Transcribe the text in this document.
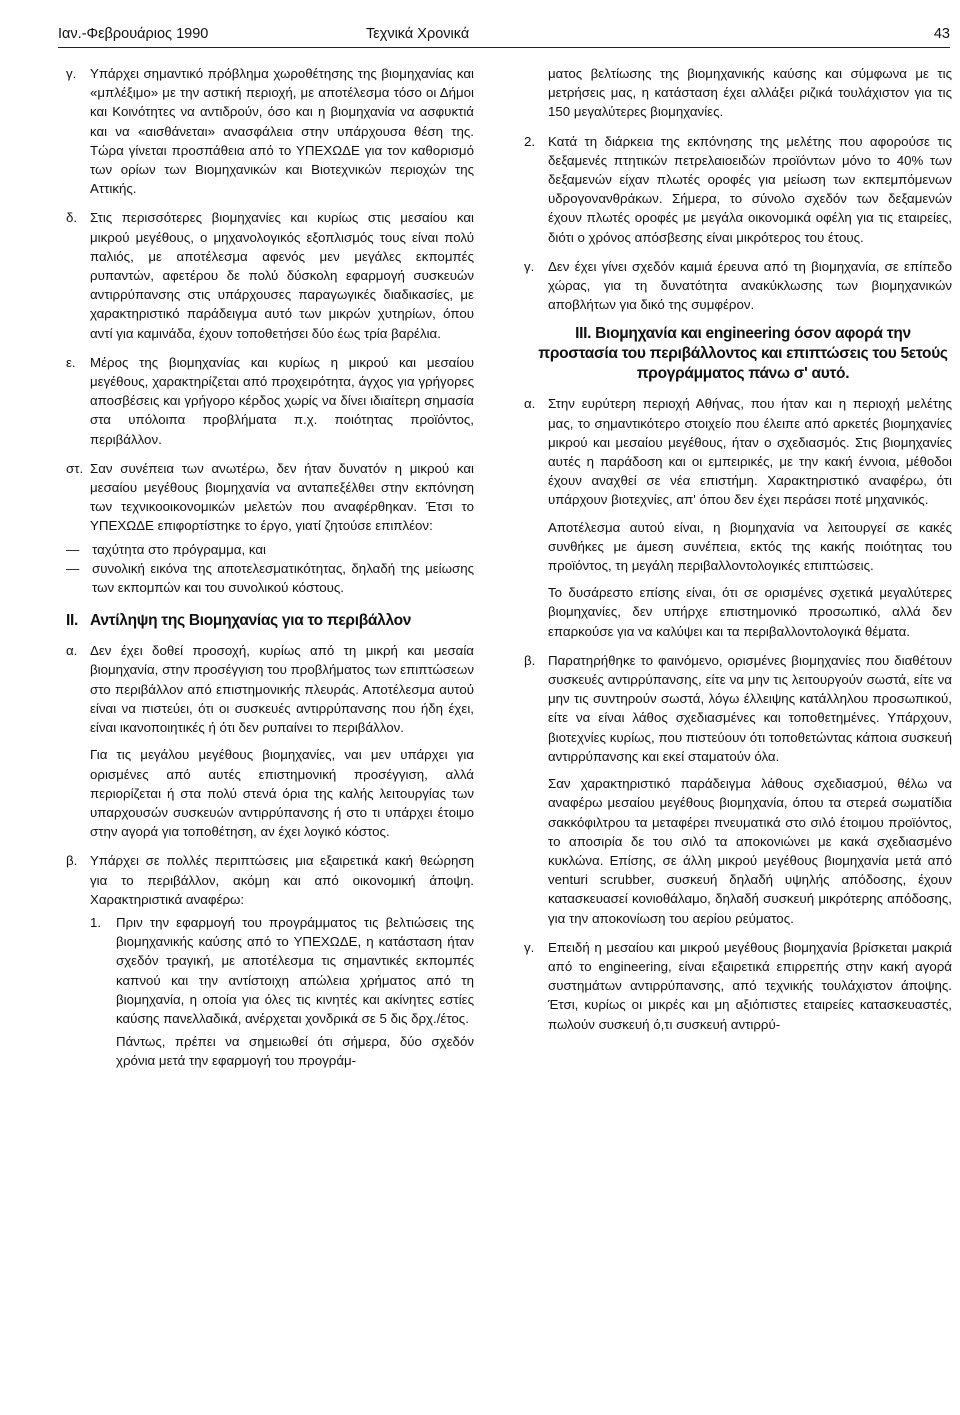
Ιαν.-Φεβρουάριος 1990	Τεχνικά Χρονικά	43
γ. Υπάρχει σημαντικό πρόβλημα χωροθέτησης της βιομηχανίας και «μπλέξιμο» με την αστική περιοχή, με αποτέλεσμα τόσο οι Δήμοι και Κοινότητες να αντιδρούν, όσο και η βιομηχανία να ασφυκτιά και να «αισθάνεται» ανασφάλεια στην υπάρχουσα θέση της. Τώρα γίνεται προσπάθεια από το ΥΠΕΧΩΔΕ για τον καθορισμό των ορίων των Βιομηχανικών και Βιοτεχνικών περιοχών της Αττικής.

δ. Στις περισσότερες βιομηχανίες και κυρίως στις μεσαίου και μικρού μεγέθους, ο μηχανολογικός εξοπλισμός τους είναι πολύ παλιός, με αποτέλεσμα αφενός μεν μεγάλες εκπομπές ρυπαντών, αφετέρου δε πολύ δύσκολη εφαρμογή συσκευών αντιρρύπανσης στις υπάρχουσες παραγωγικές διαδικασίες, με χαρακτηριστικό παράδειγμα αυτό των μικρών χυτηρίων, όπου αντί για καμινάδα, έχουν τοποθετήσει δύο έως τρία βαρέλια.

ε. Μέρος της βιομηχανίας και κυρίως η μικρού και μεσαίου μεγέθους, χαρακτηρίζεται από προχειρότητα, άγχος για γρήγορες αποσβέσεις και γρήγορο κέρδος χωρίς να δίνει ιδιαίτερη σημασία στα υπόλοιπα προβλήματα π.χ. ποιότητας προϊόντος, περιβάλλον.

στ. Σαν συνέπεια των ανωτέρω, δεν ήταν δυνατόν η μικρού και μεσαίου μεγέθους βιομηχανία να ανταπεξέλθει στην εκπόνηση των τεχνικοοικονομικών μελετών που αναφέρθηκαν. Έτσι το ΥΠΕΧΩΔΕ επιφορτίστηκε το έργο, γιατί ζητούσε επιπλέον:

— ταχύτητα στο πρόγραμμα, και

— συνολική εικόνα της αποτελεσματικότητας, δηλαδή της μείωσης των εκπομπών και του συνολικού κόστους.

II. Αντίληψη της Βιομηχανίας για το περιβάλλον
α. Δεν έχει δοθεί προσοχή, κυρίως από τη μικρή και μεσαία βιομηχανία, στην προσέγγιση του προβλήματος των επιπτώσεων στο περιβάλλον από επιστημονικής πλευράς. Αποτέλεσμα αυτού είναι να πιστεύει, ότι οι συσκευές αντιρρύπανσης που ήδη έχει, είναι ικανοποιητικές ή ότι δεν ρυπαίνει το περιβάλλον.

Για τις μεγάλου μεγέθους βιομηχανίες, ναι μεν υπάρχει για ορισμένες από αυτές επιστημονική προσέγγιση, αλλά περιορίζεται ή στα πολύ στενά όρια της καλής λειτουργίας των υπαρχουσών συσκευών αντιρρύπανσης ή στο τι υπάρχει έτοιμο στην αγορά για τοποθέτηση, αν έχει λογικό κόστος.

β. Υπάρχει σε πολλές περιπτώσεις μια εξαιρετικά κακή θεώρηση για το περιβάλλον, ακόμη και από οικονομική άποψη. Χαρακτηριστικά αναφέρω:

1. Πριν την εφαρμογή του προγράμματος τις βελτιώσεις της βιομηχανικής καύσης από το ΥΠΕΧΩΔΕ, η κατάσταση ήταν σχεδόν τραγική, με αποτέλεσμα τις σημαντικές εκπομπές καπνού και την αντίστοιχη απώλεια χρήματος από τη βιομηχανία, η οποία για όλες τις κινητές και ακίνητες εστίες καύσης πανελλαδικά, ανέρχεται χονδρικά σε 5 δις δρχ./έτος.

Πάντως, πρέπει να σημειωθεί ότι σήμερα, δύο σχεδόν χρόνια μετά την εφαρμογή του προγράμ-

ματος βελτίωσης της βιομηχανικής καύσης και σύμφωνα με τις μετρήσεις μας, η κατάσταση έχει αλλάξει ριζικά τουλάχιστον για τις 150 μεγαλύτερες βιομηχανίες.

2. Κατά τη διάρκεια της εκπόνησης της μελέτης που αφορούσε τις δεξαμενές πτητικών πετρελαιοειδών προϊόντων μόνο το 40% των δεξαμενών είχαν πλωτές οροφές για μείωση των εκπεμπόμενων υδρογονανθράκων. Σήμερα, το σύνολο σχεδόν των δεξαμενών έχουν πλωτές οροφές με μεγάλα οικονομικά οφέλη για τις εταιρείες, διότι ο χρόνος απόσβεσης είναι μικρότερος του έτους.

γ. Δεν έχει γίνει σχεδόν καμιά έρευνα από τη βιομηχανία, σε επίπεδο χώρας, για τη δυνατότητα ανακύκλωσης των βιομηχανικών αποβλήτων για δικό της συμφέρον.

III. Βιομηχανία και engineering όσον αφορά την προστασία του περιβάλλοντος και επιπτώσεις του 5ετούς προγράμματος πάνω σ' αυτό.
α. Στην ευρύτερη περιοχή Αθήνας, που ήταν και η περιοχή μελέτης μας, το σημαντικότερο στοιχείο που έλειπε από αρκετές βιομηχανίες μικρού και μεσαίου μεγέθους, ήταν ο σχεδιασμός. Στις βιομηχανίες αυτές η παράδοση και οι εμπειρικές, με την κακή έννοια, μέθοδοι έχουν αναχθεί σε νέα επιστήμη. Χαρακτηριστικό αναφέρω, ότι υπάρχουν βιοτεχνίες, απ' όπου δεν έχει περάσει ποτέ μηχανικός.

Αποτέλεσμα αυτού είναι, η βιομηχανία να λειτουργεί σε κακές συνθήκες με άμεση συνέπεια, εκτός της κακής ποιότητας του προϊόντος, τη μεγάλη περιβαλλοντολογικές επιπτώσεις.

Το δυσάρεστο επίσης είναι, ότι σε ορισμένες σχετικά μεγαλύτερες βιομηχανίες, δεν υπήρχε επιστημονικό προσωπικό, αλλά δεν επαρκούσε για να καλύψει και τα περιβαλλοντολογικά θέματα.

β. Παρατηρήθηκε το φαινόμενο, ορισμένες βιομηχανίες που διαθέτουν συσκευές αντιρρύπανσης, είτε να μην τις λειτουργούν σωστά, είτε να μην τις συντηρούν σωστά, λόγω έλλειψης κατάλληλου προσωπικού, είτε να είναι λάθος σχεδιασμένες και τοποθετημένες. Υπάρχουν, βιοτεχνίες κυρίως, που πιστεύουν ότι τοποθετώντας κάποια συσκευή αντιρρύπανσης και εκεί σταματούν όλα.

Σαν χαρακτηριστικό παράδειγμα λάθους σχεδιασμού, θέλω να αναφέρω μεσαίου μεγέθους βιομηχανία, όπου τα στερεά σωματίδια σακκόφιλτρου τα μεταφέρει πνευματικά στο σιλό έτοιμου προϊόντος, το αποσιρία δε του σιλό τα αποκονιώνει με κακά σχεδιασμένο κυκλώνα. Επίσης, σε άλλη μικρού μεγέθους βιομηχανία μετά από venturi scrubber, συσκευή δηλαδή υψηλής απόδοσης, έχουν κατασκευασεί κονιοθάλαμο, δηλαδή συσκευή μικρότερης απόδοσης, για την αποκονίωση του αερίου ρεύματος.

γ. Επειδή η μεσαίου και μικρού μεγέθους βιομηχανία βρίσκεται μακριά από το engineering, είναι εξαιρετικά επιρρεπής στην κακή αγορά συστημάτων αντιρρύπανσης, από τεχνικής τουλάχιστον άποψης. Έτσι, κυρίως οι μικρές και μη αξιόπιστες εταιρείες κατασκευαστές, πωλούν συσκευή ό,τι συσκευή αντιρρύ-
